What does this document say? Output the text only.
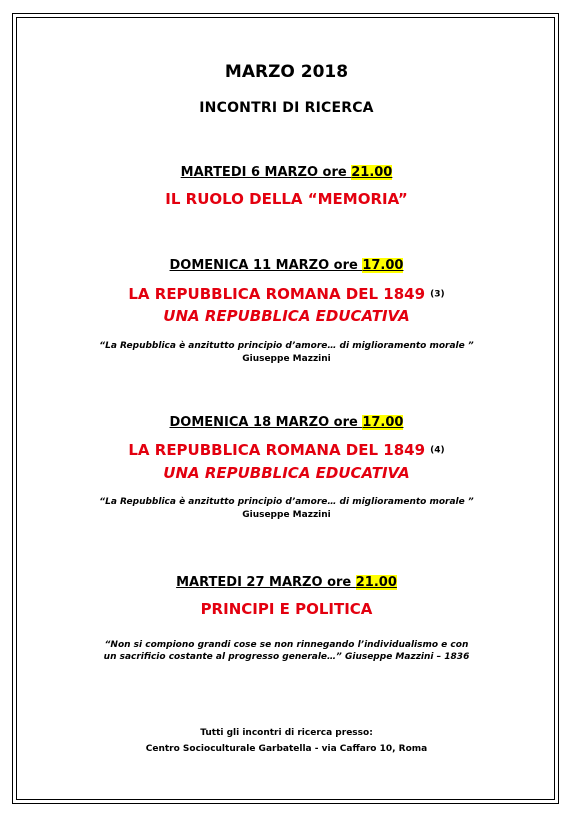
MARZO 2018
INCONTRI DI RICERCA
MARTEDI 6 MARZO ore 21.00
IL RUOLO DELLA “MEMORIA”
DOMENICA 11 MARZO ore 17.00
LA REPUBBLICA ROMANA DEL 1849 (3)
UNA REPUBBLICA EDUCATIVA
“La Repubblica è anzitutto principio d’amore… di miglioramento morale ”
Giuseppe Mazzini
DOMENICA 18 MARZO ore 17.00
LA REPUBBLICA ROMANA DEL 1849 (4)
UNA REPUBBLICA EDUCATIVA
“La Repubblica è anzitutto principio d’amore… di miglioramento morale ”
Giuseppe Mazzini
MARTEDI 27 MARZO ore 21.00
PRINCIPI E POLITICA
“Non si compiono grandi cose se non rinnegando l’individualismo e con
un sacrificio costante al progresso generale…” Giuseppe Mazzini – 1836
Tutti gli incontri di ricerca presso:
Centro Socioculturale Garbatella - via Caffaro 10, Roma
